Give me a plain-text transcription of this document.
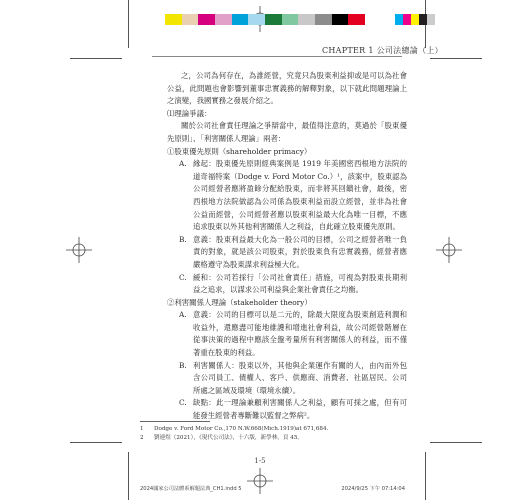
CHAPTER 1 公司法總論（上）

之，公司為何存在，為誰經營，究竟只為股東利益抑或是可以為社會公益，此問題也會影響到董事忠實義務的解釋對象，以下就此問題理論上之演變，我國實務之發展介紹之。

⑴理論爭議：

關於公司社會責任理論之爭辯當中，最值得注意的，莫過於「股東優先原則」、「利害關係人理論」兩者：

①股東優先原則（shareholder primacy）

A. 緣起：股東優先原則經典案例是 1919 年美國密西根地方法院的道奇福特案（Dodge v. Ford Motor Co.）¹，該案中，股東認為公司經營者應將盈餘分配給股東，而非將其回饋社會，最後，密西根地方法院做認為公司係為股東利益而設立經營，並非為社會公益而經營，公司經營者應以股東利益最大化為唯一目標，不應追求股東以外其他利害關係人之利益，自此確立股東優先原則。
B. 意義：股東利益最大化為一般公司的目標，公司之經營者唯一負責的對象，就是該公司股東，對於股東負有忠實義務，經營者應嚴格遵守為股東謀求利益極大化。
C. 緩和：公司若採行「公司社會責任」措施，可視為對股東長期利益之追求，以謀求公司利益與企業社會責任之均衡。

②利害關係人理論（stakeholder theory）

A. 意義：公司的目標可以是二元的，除最大限度為股東創造利潤和收益外，還應盡可能地維護和增進社會利益，故公司經營階層在從事決策的過程中應該全盤考量所有利害關係人的利益，而不僅著重在股東的利益。
B. 利害關係人：股東以外，其他與企業運作有關的人，由內而外包含公司員工、債權人、客戶、供應商、消費者、社區居民、公司所處之區域及環境（環境永續）。
C. 缺點：此一理論兼顧利害關係人之利益，顧有可採之處，但有可能發生經營者專斷難以監督之弊病²。
1	Dodge v. Ford Motor Co.,170 N.W.668(Mich.1919)at 671,684.
2	劉連煜（2021），《現代公司法》，十六版，新學林，頁 45。
1-5
2024國家公司法體系解題法典_CH1.indd 5	2024/9/25 下午 07:14:04
